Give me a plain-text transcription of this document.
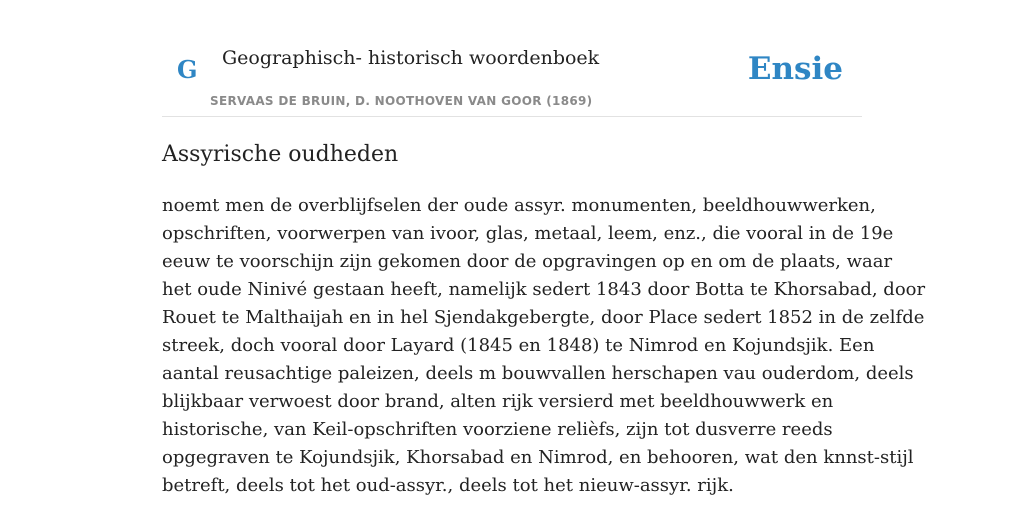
G Geographisch- historisch woordenboek
SERVAAS DE BRUIN, D. NOOTHOVEN VAN GOOR (1869)
Ensie
Assyrische oudheden

noemt men de overblijfselen der oude assyr. monumenten, beeldhouwwerken,
opschriften, voorwerpen van ivoor, glas, metaal, leem, enz., die vooral in de 19e
eeuw te voorschijn zijn gekomen door de opgravingen op en om de plaats, waar
het oude Ninivé gestaan heeft, namelijk sedert 1843 door Botta te Khorsabad, door
Rouet te Malthaijah en in hel Sjendakgebergte, door Place sedert 1852 in de zelfde
streek, doch vooral door Layard (1845 en 1848) te Nimrod en Kojundsjik. Een
aantal reusachtige paleizen, deels m bouwvallen herschapen vau ouderdom, deels
blijkbaar verwoest door brand, alten rijk versierd met beeldhouwwerk en
historische, van Keil-opschriften voorziene relièfs, zijn tot dusverre reeds
opgegraven te Kojundsjik, Khorsabad en Nimrod, en behooren, wat den knnst-stijl
betreft, deels tot het oud-assyr., deels tot het nieuw-assyr. rijk.
